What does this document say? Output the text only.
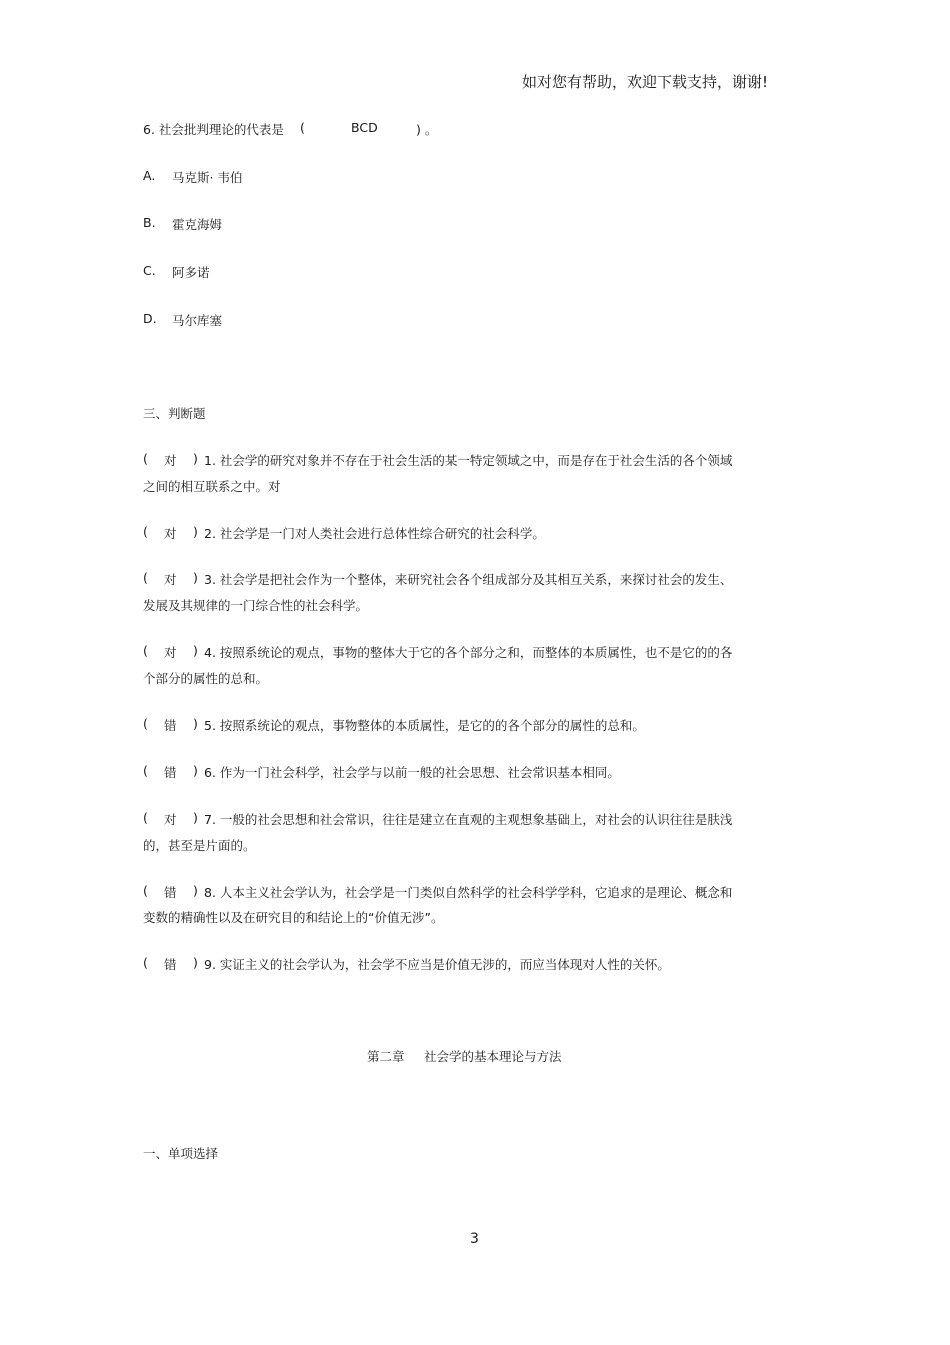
如对您有帮助，欢迎下载支持，谢谢!
6. 社会批判理论的代表是 (	BCD	) 。
A. 马克斯· 韦伯
B. 霍克海姆
C. 阿多诺
D. 马尔库塞
三、判断题
( 对 ) 1. 社会学的研究对象并不存在于社会生活的某一特定领域之中，而是存在于社会生活的各个领域
之间的相互联系之中。对
( 对 ) 2. 社会学是一门对人类社会进行总体性综合研究的社会科学。
( 对 ) 3. 社会学是把社会作为一个整体，来研究社会各个组成部分及其相互关系，来探讨社会的发生、
发展及其规律的一门综合性的社会科学。
( 对 ) 4. 按照系统论的观点，事物的整体大于它的各个部分之和，而整体的本质属性，也不是它的的各
个部分的属性的总和。
( 错 ) 5. 按照系统论的观点，事物整体的本质属性，是它的的各个部分的属性的总和。
( 错 ) 6. 作为一门社会科学，社会学与以前一般的社会思想、社会常识基本相同。
( 对 ) 7. 一般的社会思想和社会常识，往往是建立在直观的主观想象基础上，对社会的认识往往是肤浅
的，甚至是片面的。
( 错 ) 8. 人本主义社会学认为，社会学是一门类似自然科学的社会科学学科，它追求的是理论、概念和
变数的精确性以及在研究目的和结论上的“价值无涉”。
( 错 ) 9. 实证主义的社会学认为，社会学不应当是价值无涉的，而应当体现对人性的关怀。
第二章 社会学的基本理论与方法
一、单项选择
3
